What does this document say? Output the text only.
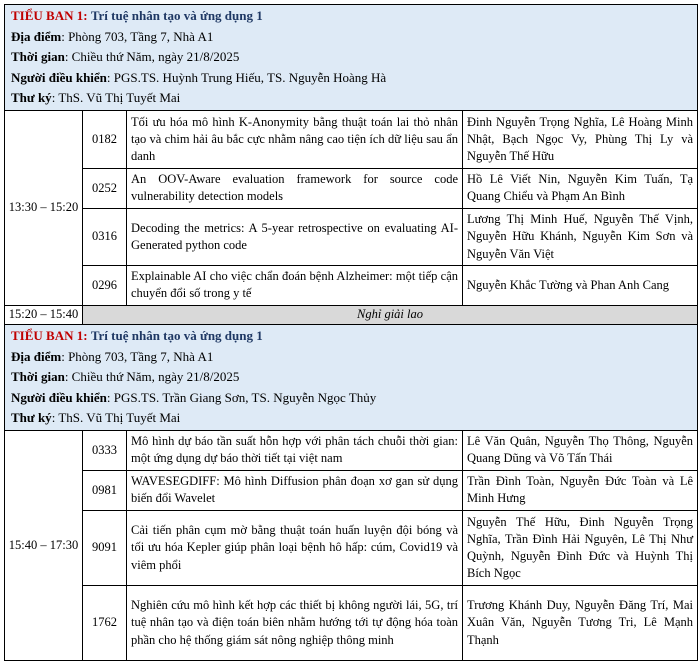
TIỂU BAN 1: Trí tuệ nhân tạo và ứng dụng 1
Địa điểm: Phòng 703, Tầng 7, Nhà A1
Thời gian: Chiều thứ Năm, ngày 21/8/2025
Người điều khiển: PGS.TS. Huỳnh Trung Hiếu, TS. Nguyễn Hoàng Hà
Thư ký: ThS. Vũ Thị Tuyết Mai			

13:30 – 15:20	0182	Tối ưu hóa mô hình K-Anonymity bằng thuật toán lai thỏ nhân tạo và chim hải âu bắc cực nhằm nâng cao tiện ích dữ liệu sau ẩn danh	Đinh Nguyễn Trọng Nghĩa, Lê Hoàng Minh Nhật, Bạch Ngọc Vy, Phùng Thị Ly và Nguyễn Thế Hữu
	0252	An OOV-Aware evaluation framework for source code vulnerability detection models	Hồ Lê Viết Nin, Nguyễn Kim Tuấn, Tạ Quang Chiểu và Phạm An Bình
	0316	Decoding the metrics: A 5-year retrospective on evaluating AI-Generated python code	Lương Thị Minh Huế, Nguyễn Thế Vịnh, Nguyễn Hữu Khánh, Nguyễn Kim Sơn và Nguyễn Văn Việt
	0296	Explainable AI cho việc chẩn đoán bệnh Alzheimer: một tiếp cận chuyển đổi số trong y tế	Nguyễn Khắc Tường và Phan Anh Cang
15:20 – 15:40	Nghỉ giải lao		

TIỂU BAN 1: Trí tuệ nhân tạo và ứng dụng 1
Địa điểm: Phòng 703, Tầng 7, Nhà A1
Thời gian: Chiều thứ Năm, ngày 21/8/2025
Người điều khiển: PGS.TS. Trần Giang Sơn, TS. Nguyễn Ngọc Thủy
Thư ký: ThS. Vũ Thị Tuyết Mai			

15:40 – 17:30	0333	Mô hình dự báo tần suất hỗn hợp với phân tách chuỗi thời gian: một ứng dụng dự báo thời tiết tại việt nam	Lê Văn Quân, Nguyễn Thọ Thông, Nguyễn Quang Dũng và Võ Tấn Thái
	0981	WAVESEGDIFF: Mô hình Diffusion phân đoạn xơ gan sử dụng biến đổi Wavelet	Trần Đình Toàn, Nguyễn Đức Toàn và Lê Minh Hưng
	9091	Cải tiến phân cụm mờ bằng thuật toán huấn luyện đội bóng và tối ưu hóa Kepler giúp phân loại bệnh hô hấp: cúm, Covid19 và viêm phổi	Nguyễn Thế Hữu, Đinh Nguyễn Trọng Nghĩa, Trần Đình Hải Nguyên, Lê Thị Như Quỳnh, Nguyễn Đình Đức và Huỳnh Thị Bích Ngọc
	1762	Nghiên cứu mô hình kết hợp các thiết bị không người lái, 5G, trí tuệ nhân tạo và điện toán biên nhằm hướng tới tự động hóa toàn phần cho hệ thống giám sát nông nghiệp thông minh	Trương Khánh Duy, Nguyễn Đăng Trí, Mai Xuân Văn, Nguyễn Tương Tri, Lê Mạnh Thạnh
